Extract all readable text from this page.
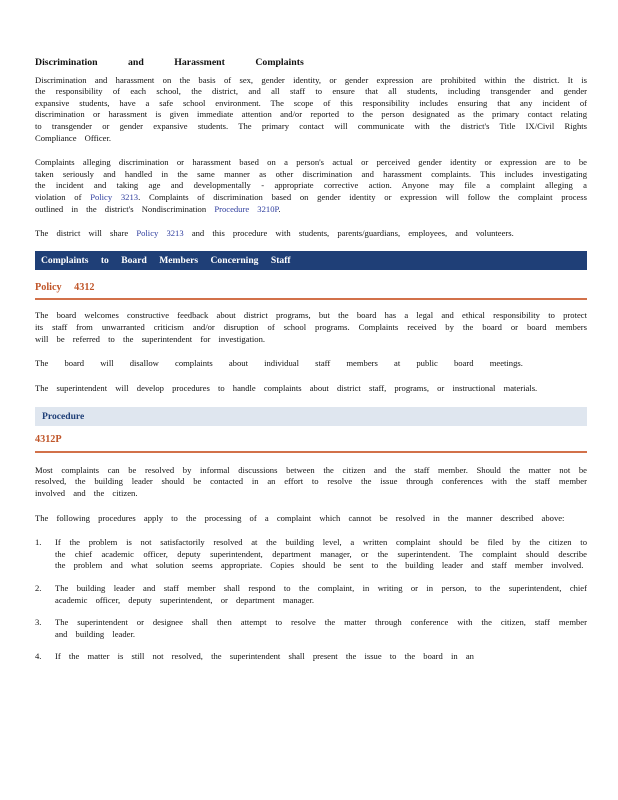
Discrimination and Harassment Complaints

Discrimination and harassment on the basis of sex, gender identity, or gender expression are prohibited within the district. It is the responsibility of each school, the district, and all staff to ensure that all students, including transgender and gender expansive students, have a safe school environment. The scope of this responsibility includes ensuring that any incident of discrimination or harassment is given immediate attention and/or reported to the person designated as the primary contact relating to transgender or gender expansive students. The primary contact will communicate with the district's Title IX/Civil Rights Compliance Officer.

Complaints alleging discrimination or harassment based on a person's actual or perceived gender identity or expression are to be taken seriously and handled in the same manner as other discrimination and harassment complaints. This includes investigating the incident and taking age and developmentally - appropriate corrective action. Anyone may file a complaint alleging a violation of Policy 3213. Complaints of discrimination based on gender identity or expression will follow the complaint process outlined in the district's Nondiscrimination Procedure 3210P.

The district will share Policy 3213 and this procedure with students, parents/guardians, employees, and volunteers.

Complaints to Board Members Concerning Staff
Policy 4312

The board welcomes constructive feedback about district programs, but the board has a legal and ethical responsibility to protect its staff from unwarranted criticism and/or disruption of school programs. Complaints received by the board or board members will be referred to the superintendent for investigation.

The board will disallow complaints about individual staff members at public board meetings.

The superintendent will develop procedures to handle complaints about district staff, programs, or instructional materials.

Procedure
4312P

Most complaints can be resolved by informal discussions between the citizen and the staff member. Should the matter not be resolved, the building leader should be contacted in an effort to resolve the issue through conferences with the staff member involved and the citizen.

The following procedures apply to the processing of a complaint which cannot be resolved in the manner described above:

1. If the problem is not satisfactorily resolved at the building level, a written complaint should be filed by the citizen to the chief academic officer, deputy superintendent, department manager, or the superintendent. The complaint should describe the problem and what solution seems appropriate. Copies should be sent to the building leader and staff member involved.
2. The building leader and staff member shall respond to the complaint, in writing or in person, to the superintendent, chief academic officer, deputy superintendent, or department manager.
3. The superintendent or designee shall then attempt to resolve the matter through conference with the citizen, staff member and building leader.
4. If the matter is still not resolved, the superintendent shall present the issue to the board in an
